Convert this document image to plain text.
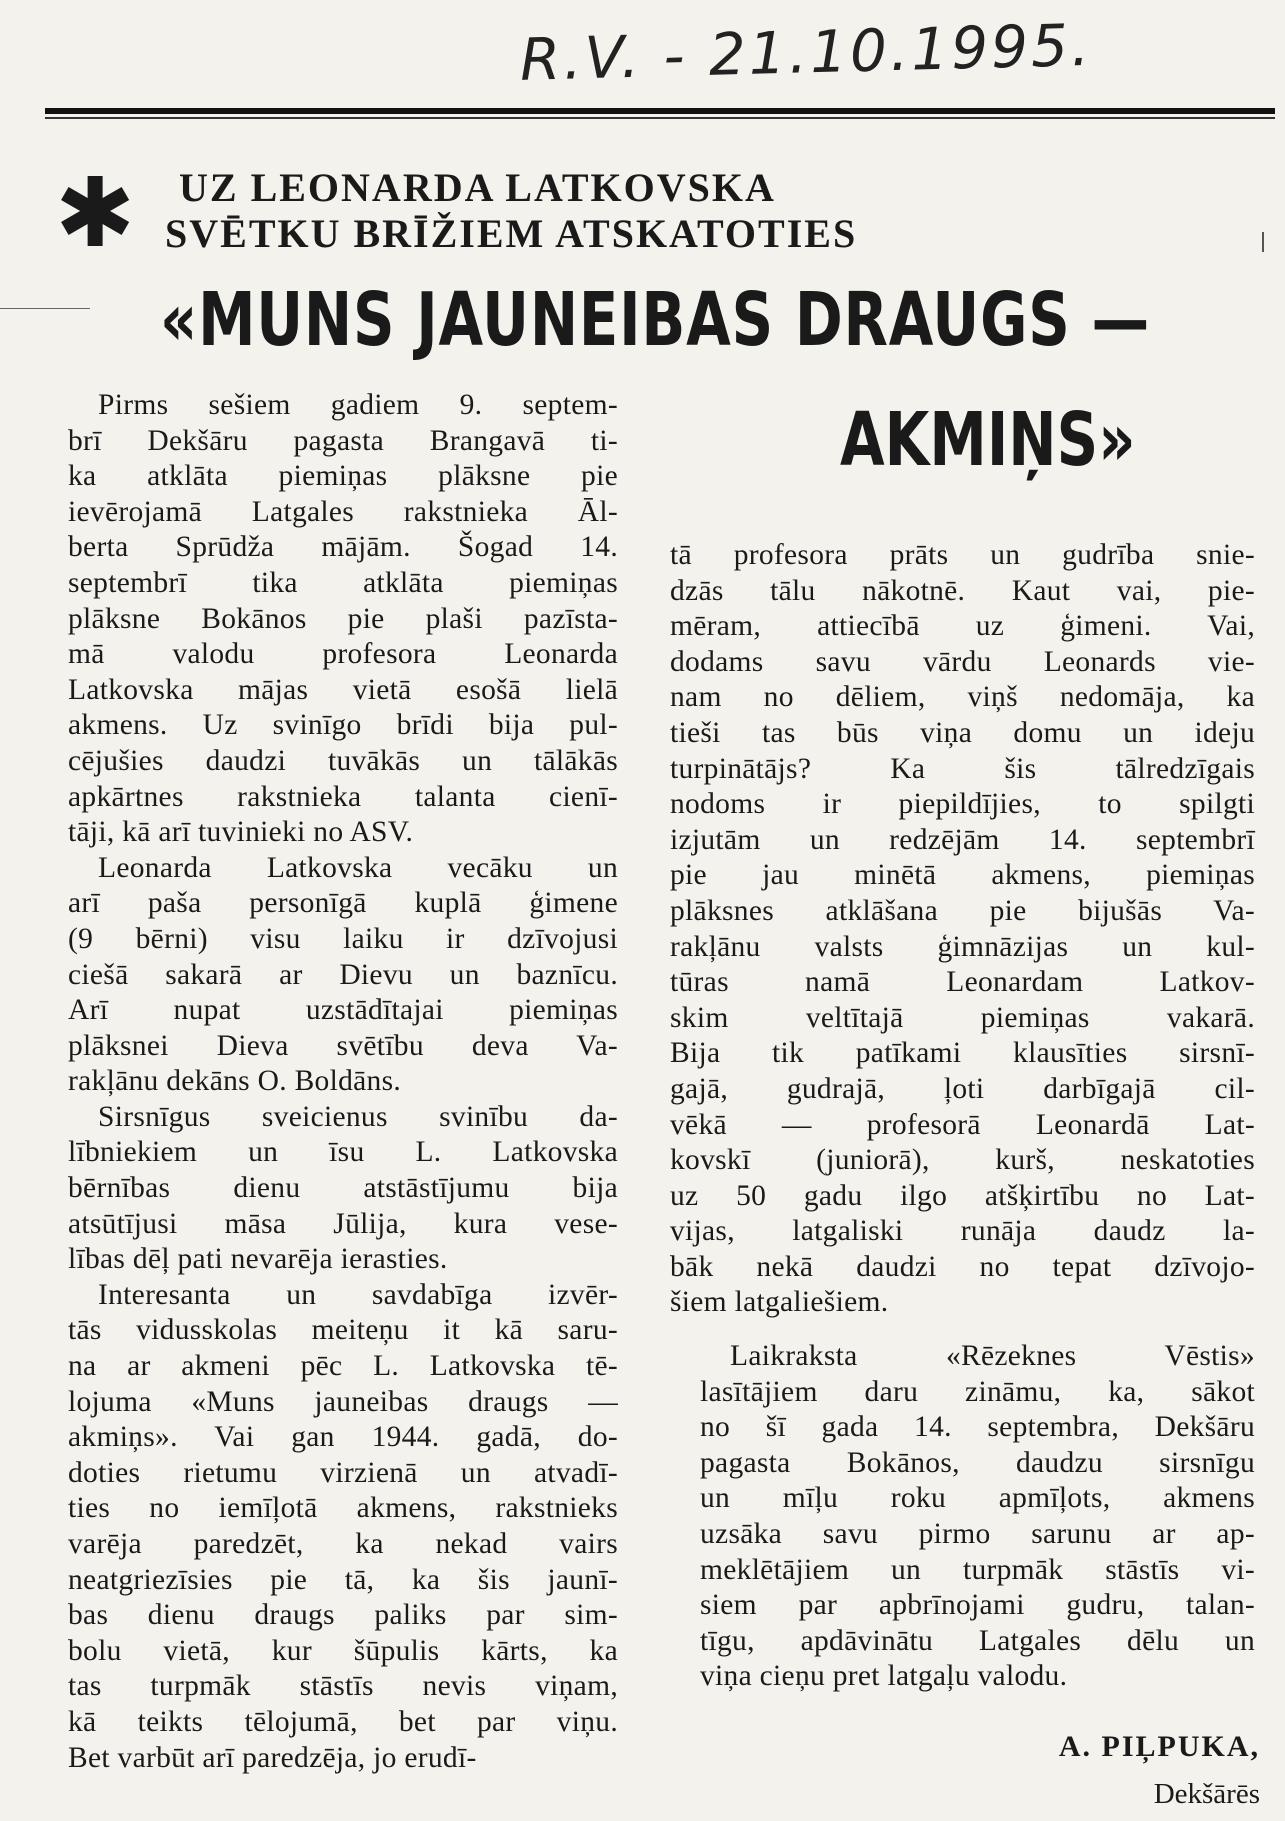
R.V. - 21.10.1995.
✱	UZ LEONARDA LATKOVSKA
SVĒTKU BRĪŽIEM ATSKATOTIES
«MUNS JAUNEIBAS DRAUGS —
AKMIŅS»

Pirms sešiem gadiem 9. septem-
brī Dekšāru pagasta Brangavā ti-
ka atklāta piemiņas plāksne pie
ievērojamā Latgales rakstnieka Āl-
berta Sprūdža mājām. Šogad 14.
septembrī tika atklāta piemiņas
plāksne Bokānos pie plaši pazīsta-
mā valodu profesora Leonarda
Latkovska mājas vietā esošā lielā
akmens. Uz svinīgo brīdi bija pul-
cējušies daudzi tuvākās un tālākās
apkārtnes rakstnieka talanta cienī-
tāji, kā arī tuvinieki no ASV.

Leonarda Latkovska vecāku un
arī paša personīgā kuplā ģimene
(9 bērni) visu laiku ir dzīvojusi
ciešā sakarā ar Dievu un baznīcu.
Arī nupat uzstādītajai piemiņas
plāksnei Dieva svētību deva Va-
rakļānu dekāns O. Boldāns.

Sirsnīgus sveicienus svinību da-
lībniekiem un īsu L. Latkovska
bērnības dienu atstāstījumu bija
atsūtījusi māsa Jūlija, kura vese-
lības dēļ pati nevarēja ierasties.

Interesanta un savdabīga izvēr-
tās vidusskolas meiteņu it kā saru-
na ar akmeni pēc L. Latkovska tē-
lojuma «Muns jauneibas draugs —
akmiņs». Vai gan 1944. gadā, do-
doties rietumu virzienā un atvadī-
ties no iemīļotā akmens, rakstnieks
varēja paredzēt, ka nekad vairs
neatgriezīsies pie tā, ka šis jaunī-
bas dienu draugs paliks par sim-
bolu vietā, kur šūpulis kārts, ka
tas turpmāk stāstīs nevis viņam,
kā teikts tēlojumā, bet par viņu.
Bet varbūt arī paredzēja, jo erudī-

tā profesora prāts un gudrība snie-
dzās tālu nākotnē. Kaut vai, pie-
mēram, attiecībā uz ģimeni. Vai,
dodams savu vārdu Leonards vie-
nam no dēliem, viņš nedomāja, ka
tieši tas būs viņa domu un ideju
turpinātājs? Ka šis tālredzīgais
nodoms ir piepildījies, to spilgti
izjutām un redzējām 14. septembrī
pie jau minētā akmens, piemiņas
plāksnes atklāšana pie bijušās Va-
rakļānu valsts ģimnāzijas un kul-
tūras namā Leonardam Latkov-
skim veltītajā piemiņas vakarā.
Bija tik patīkami klausīties sirsnī-
gajā, gudrajā, ļoti darbīgajā cil-
vēkā — profesorā Leonardā Lat-
kovskī (juniorā), kurš, neskatoties
uz 50 gadu ilgo atšķirtību no Lat-
vijas, latgaliski runāja daudz la-
bāk nekā daudzi no tepat dzīvojo-
šiem latgaliešiem.

Laikraksta «Rēzeknes Vēstis»
lasītājiem daru zināmu, ka, sākot
no šī gada 14. septembra, Dekšāru
pagasta Bokānos, daudzu sirsnīgu
un mīļu roku apmīļots, akmens
uzsāka savu pirmo sarunu ar ap-
meklētājiem un turpmāk stāstīs vi-
siem par apbrīnojami gudru, talan-
tīgu, apdāvinātu Latgales dēlu un
viņa cieņu pret latgaļu valodu.

A. PIĻPUKA,
Dekšārēs
